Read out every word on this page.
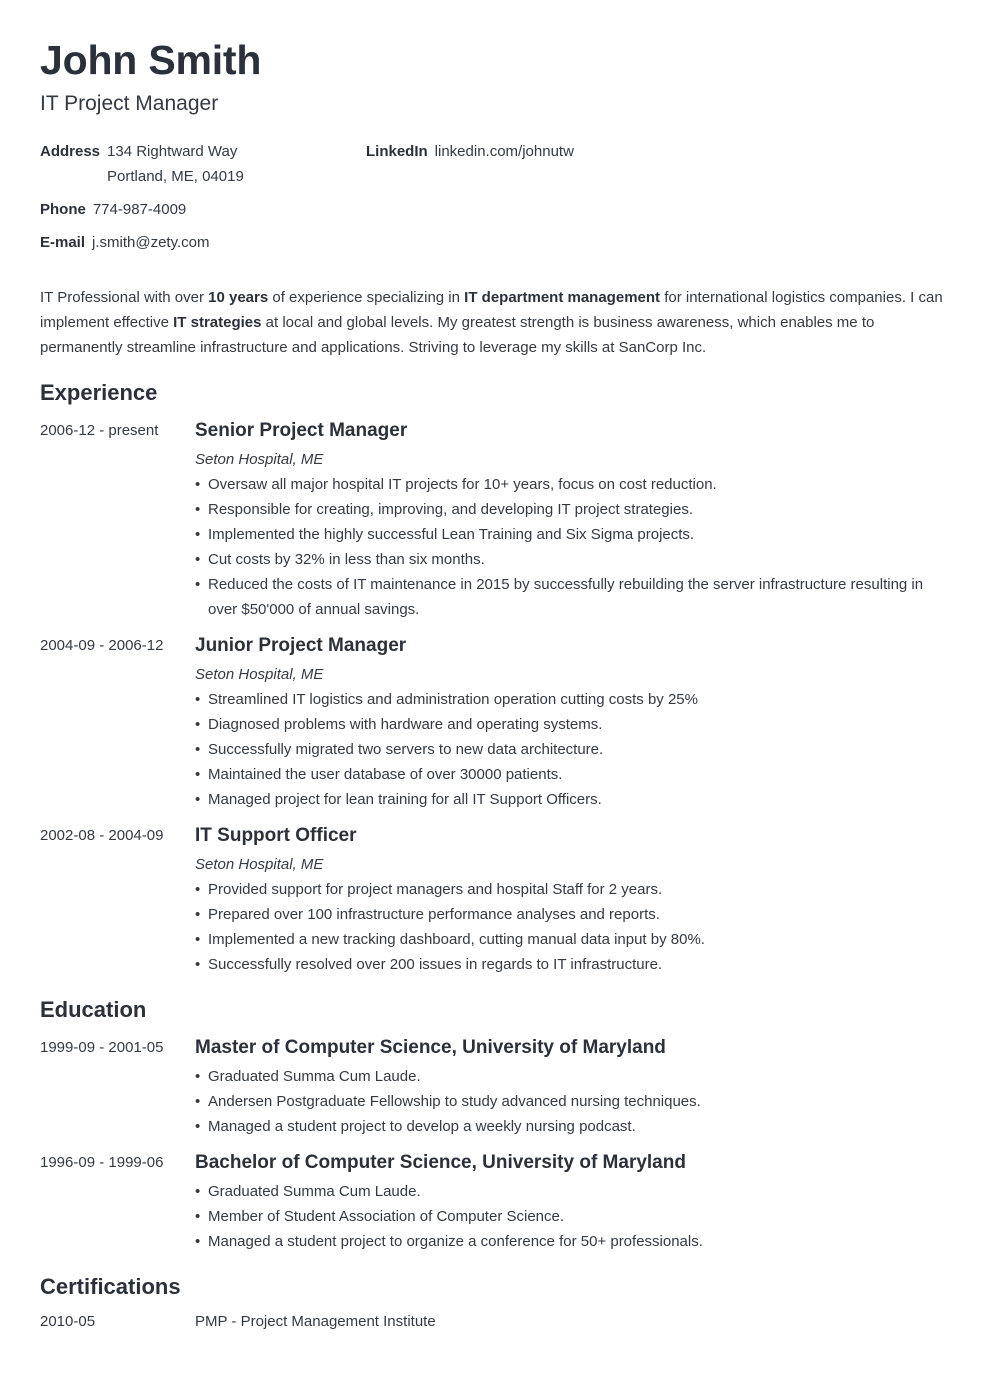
John Smith
IT Project Manager
Address 134 Rightward Way
Portland, ME, 04019
LinkedIn linkedin.com/johnutw
Phone 774-987-4009
E-mail j.smith@zety.com

IT Professional with over 10 years of experience specializing in IT department management for international logistics companies. I can implement effective IT strategies at local and global levels. My greatest strength is business awareness, which enables me to permanently streamline infrastructure and applications. Striving to leverage my skills at SanCorp Inc.

Experience
2006-12 - present Senior Project Manager
Seton Hospital, ME
• Oversaw all major hospital IT projects for 10+ years, focus on cost reduction.
• Responsible for creating, improving, and developing IT project strategies.
• Implemented the highly successful Lean Training and Six Sigma projects.
• Cut costs by 32% in less than six months.
• Reduced the costs of IT maintenance in 2015 by successfully rebuilding the server infrastructure resulting in over $50'000 of annual savings.
2004-09 - 2006-12 Junior Project Manager
Seton Hospital, ME
• Streamlined IT logistics and administration operation cutting costs by 25%
• Diagnosed problems with hardware and operating systems.
• Successfully migrated two servers to new data architecture.
• Maintained the user database of over 30000 patients.
• Managed project for lean training for all IT Support Officers.
2002-08 - 2004-09 IT Support Officer
Seton Hospital, ME
• Provided support for project managers and hospital Staff for 2 years.
• Prepared over 100 infrastructure performance analyses and reports.
• Implemented a new tracking dashboard, cutting manual data input by 80%.
• Successfully resolved over 200 issues in regards to IT infrastructure.
Education
1999-09 - 2001-05 Master of Computer Science, University of Maryland
• Graduated Summa Cum Laude.
• Andersen Postgraduate Fellowship to study advanced nursing techniques.
• Managed a student project to develop a weekly nursing podcast.
1996-09 - 1999-06 Bachelor of Computer Science, University of Maryland
• Graduated Summa Cum Laude.
• Member of Student Association of Computer Science.
• Managed a student project to organize a conference for 50+ professionals.
Certifications
2010-05	PMP - Project Management Institute
